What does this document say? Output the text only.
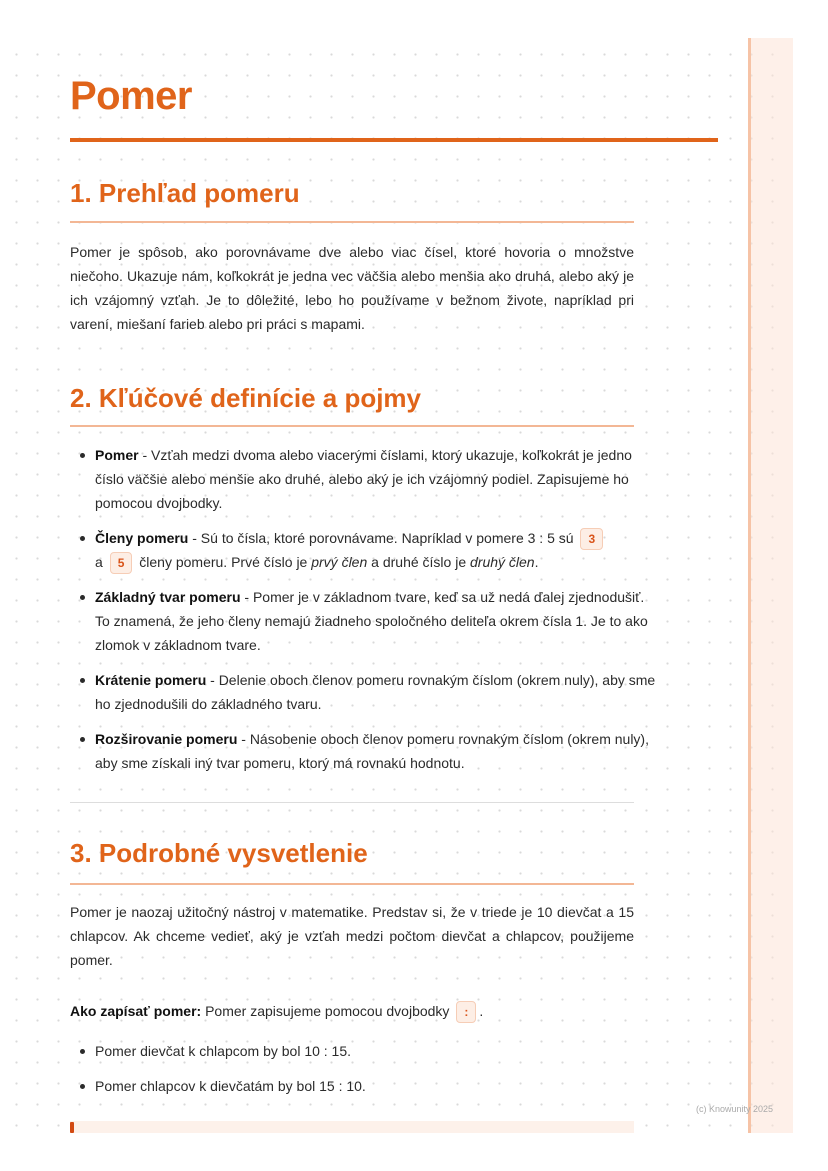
Pomer
1. Prehľad pomeru

Pomer je spôsob, ako porovnávame dve alebo viac čísel, ktoré hovoria o množstve niečoho. Ukazuje nám, koľkokrát je jedna vec väčšia alebo menšia ako druhá, alebo aký je ich vzájomný vzťah. Je to dôležité, lebo ho používame v bežnom živote, napríklad pri varení, miešaní farieb alebo pri práci s mapami.

2. Kľúčové definície a pojmy
Pomer - Vzťah medzi dvoma alebo viacerými číslami, ktorý ukazuje, koľkokrát je jedno číslo väčšie alebo menšie ako druhé, alebo aký je ich vzájomný podiel. Zapisujeme ho pomocou dvojbodky.
Členy pomeru - Sú to čísla, ktoré porovnávame. Napríklad v pomere 3 : 5 sú 3
a 5 členy pomeru. Prvé číslo je prvý člen a druhé číslo je druhý člen.
Základný tvar pomeru - Pomer je v základnom tvare, keď sa už nedá ďalej zjednodušiť. To znamená, že jeho členy nemajú žiadneho spoločného deliteľa okrem čísla 1. Je to ako zlomok v základnom tvare.
Krátenie pomeru - Delenie oboch členov pomeru rovnakým číslom (okrem nuly), aby sme ho zjednodušili do základného tvaru.
Rozširovanie pomeru - Násobenie oboch členov pomeru rovnakým číslom (okrem nuly), aby sme získali iný tvar pomeru, ktorý má rovnakú hodnotu.
3. Podrobné vysvetlenie

Pomer je naozaj užitočný nástroj v matematike. Predstav si, že v triede je 10 dievčat a 15 chlapcov. Ak chceme vedieť, aký je vzťah medzi počtom dievčat a chlapcov, použijeme pomer.

Ako zapísať pomer: Pomer zapisujeme pomocou dvojbodky : .

Pomer dievčat k chlapcom by bol 10 : 15.
Pomer chlapcov k dievčatám by bol 15 : 10.
(c) Knowunity 2025
